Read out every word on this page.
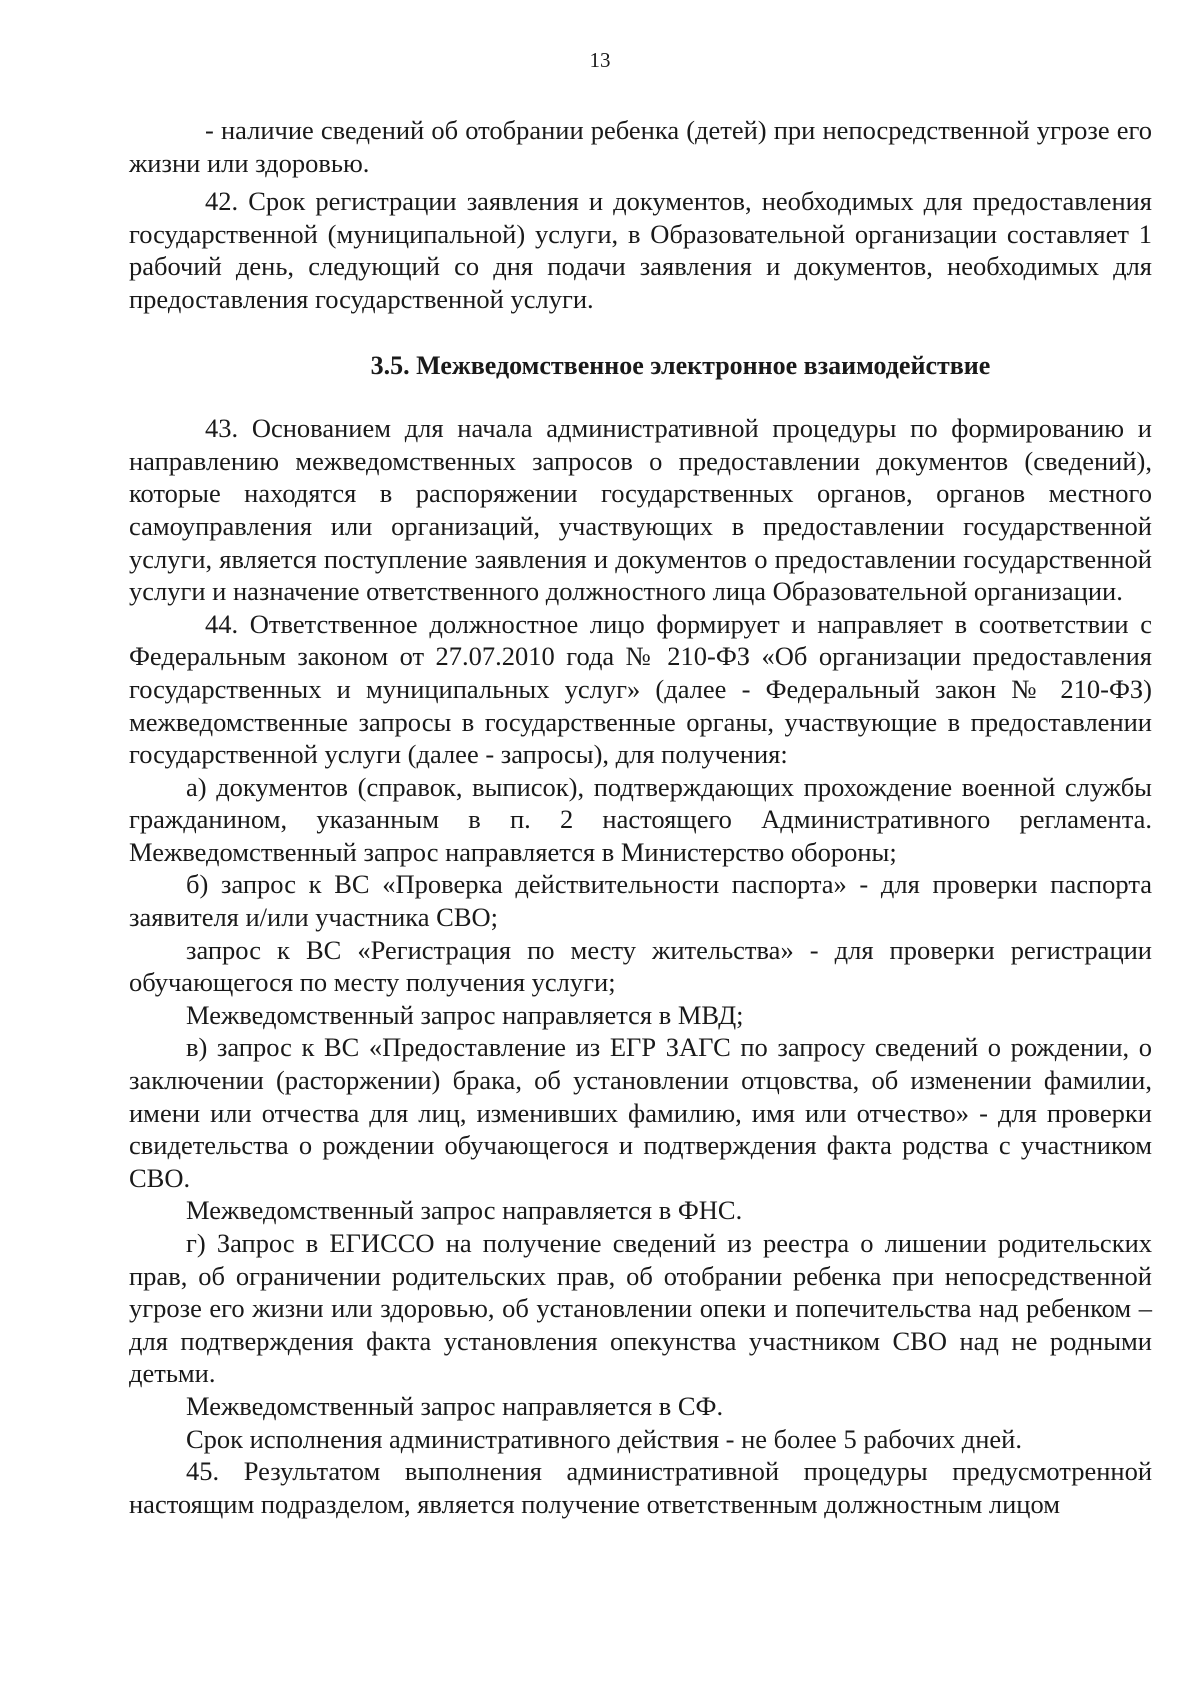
13

- наличие сведений об отобрании ребенка (детей) при непосредственной угрозе его жизни или здоровью.

42. Срок регистрации заявления и документов, необходимых для предоставления государственной (муниципальной) услуги, в Образовательной организации составляет 1 рабочий день, следующий со дня подачи заявления и документов, необходимых для предоставления государственной услуги.

3.5. Межведомственное электронное взаимодействие

43. Основанием для начала административной процедуры по формированию и направлению межведомственных запросов о предоставлении документов (сведений), которые находятся в распоряжении государственных органов, органов местного самоуправления или организаций, участвующих в предоставлении государственной услуги, является поступление заявления и документов о предоставлении государственной услуги и назначение ответственного должностного лица Образовательной организации.

44. Ответственное должностное лицо формирует и направляет в соответствии с Федеральным законом от 27.07.2010 года № 210-ФЗ «Об организации предоставления государственных и муниципальных услуг» (далее - Федеральный закон № 210-ФЗ) межведомственные запросы в государственные органы, участвующие в предоставлении государственной услуги (далее - запросы), для получения:

а) документов (справок, выписок), подтверждающих прохождение военной службы гражданином, указанным в п. 2 настоящего Административного регламента. Межведомственный запрос направляется в Министерство обороны;

б) запрос к ВС «Проверка действительности паспорта» - для проверки паспорта заявителя и/или участника СВО;

запрос к ВС «Регистрация по месту жительства» - для проверки регистрации обучающегося по месту получения услуги;

Межведомственный запрос направляется в МВД;

в) запрос к ВС «Предоставление из ЕГР ЗАГС по запросу сведений о рождении, о заключении (расторжении) брака, об установлении отцовства, об изменении фамилии, имени или отчества для лиц, изменивших фамилию, имя или отчество» - для проверки свидетельства о рождении обучающегося и подтверждения факта родства с участником СВО.

Межведомственный запрос направляется в ФНС.

г) Запрос в ЕГИССО на получение сведений из реестра о лишении родительских прав, об ограничении родительских прав, об отобрании ребенка при непосредственной угрозе его жизни или здоровью, об установлении опеки и попечительства над ребенком – для подтверждения факта установления опекунства участником СВО над не родными детьми.

Межведомственный запрос направляется в СФ.

Срок исполнения административного действия - не более 5 рабочих дней.

45. Результатом выполнения административной процедуры предусмотренной настоящим подразделом, является получение ответственным должностным лицом
